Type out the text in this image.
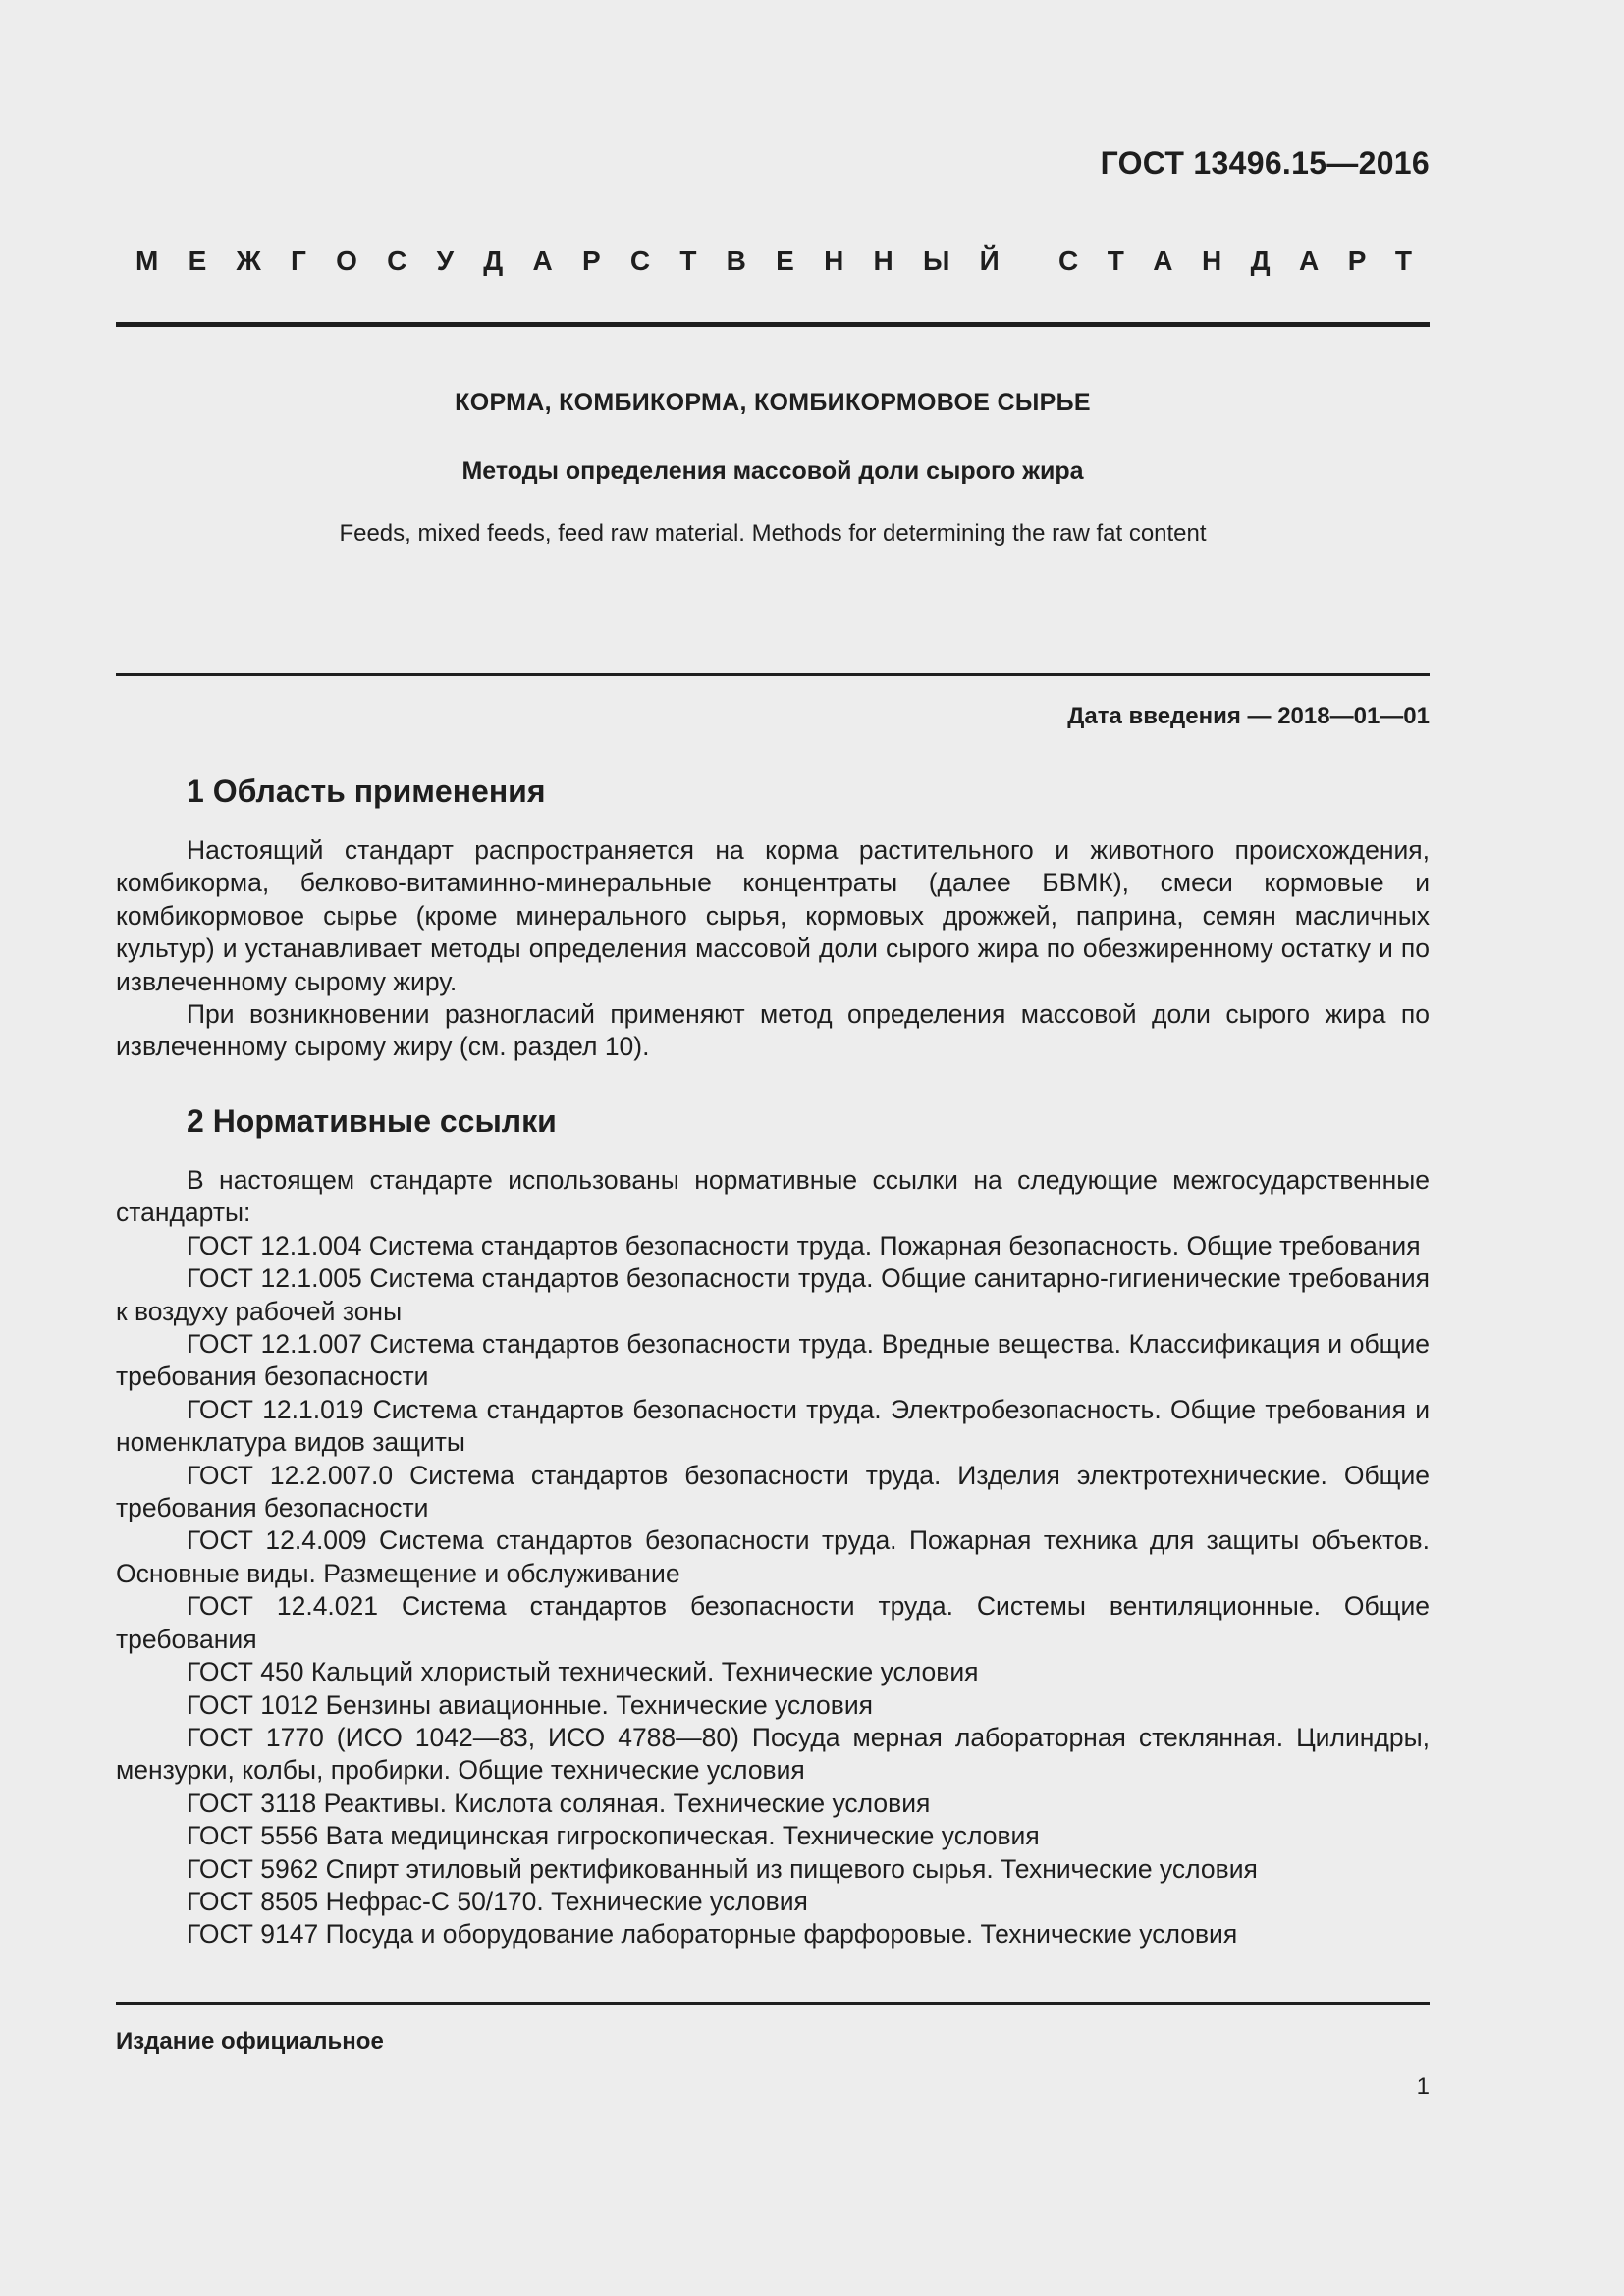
ГОСТ 13496.15—2016
М Е Ж Г О С У Д А Р С Т В Е Н Н Ы Й С Т А Н Д А Р Т
КОРМА, КОМБИКОРМА, КОМБИКОРМОВОЕ СЫРЬЕ
Методы определения массовой доли сырого жира
Feeds, mixed feeds, feed raw material. Methods for determining the raw fat content
Дата введения — 2018—01—01
1 Область применения

Настоящий стандарт распространяется на корма растительного и животного происхождения, комбикорма, белково-витаминно-минеральные концентраты (далее БВМК), смеси кормовые и комбикормовое сырье (кроме минерального сырья, кормовых дрожжей, паприна, семян масличных культур) и устанавливает методы определения массовой доли сырого жира по обезжиренному остатку и по извлеченному сырому жиру.

При возникновении разногласий применяют метод определения массовой доли сырого жира по извлеченному сырому жиру (см. раздел 10).

2 Нормативные ссылки

В настоящем стандарте использованы нормативные ссылки на следующие межгосударственные стандарты:

ГОСТ 12.1.004 Система стандартов безопасности труда. Пожарная безопасность. Общие требования

ГОСТ 12.1.005 Система стандартов безопасности труда. Общие санитарно-гигиенические требования к воздуху рабочей зоны

ГОСТ 12.1.007 Система стандартов безопасности труда. Вредные вещества. Классификация и общие требования безопасности

ГОСТ 12.1.019 Система стандартов безопасности труда. Электробезопасность. Общие требования и номенклатура видов защиты

ГОСТ 12.2.007.0 Система стандартов безопасности труда. Изделия электротехнические. Общие требования безопасности

ГОСТ 12.4.009 Система стандартов безопасности труда. Пожарная техника для защиты объектов. Основные виды. Размещение и обслуживание

ГОСТ 12.4.021 Система стандартов безопасности труда. Системы вентиляционные. Общие требования

ГОСТ 450 Кальций хлористый технический. Технические условия

ГОСТ 1012 Бензины авиационные. Технические условия

ГОСТ 1770 (ИСО 1042—83, ИСО 4788—80) Посуда мерная лабораторная стеклянная. Цилиндры, мензурки, колбы, пробирки. Общие технические условия

ГОСТ 3118 Реактивы. Кислота соляная. Технические условия

ГОСТ 5556 Вата медицинская гигроскопическая. Технические условия

ГОСТ 5962 Спирт этиловый ректификованный из пищевого сырья. Технические условия

ГОСТ 8505 Нефрас-С 50/170. Технические условия

ГОСТ 9147 Посуда и оборудование лабораторные фарфоровые. Технические условия

Издание официальное
1
